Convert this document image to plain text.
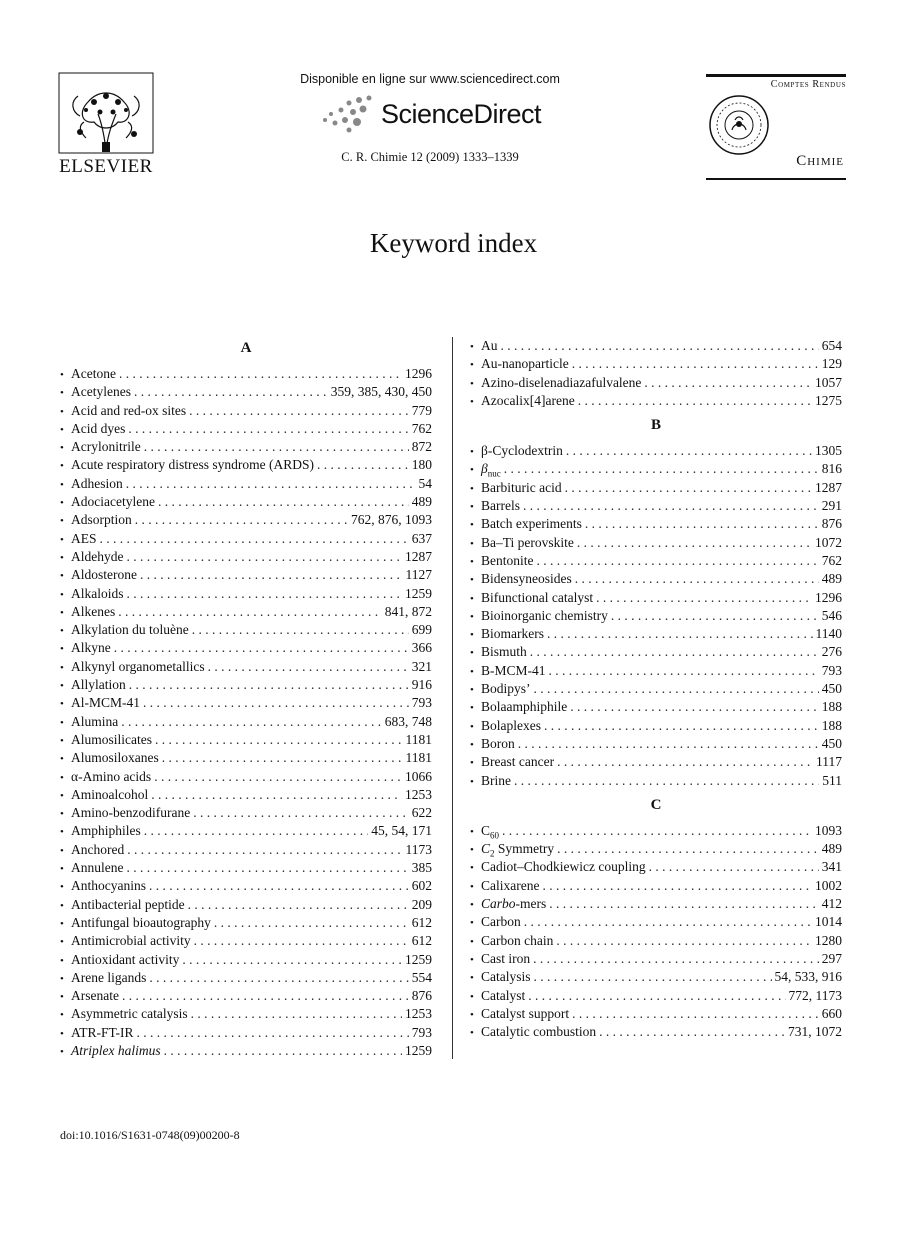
ELSEVIER
Disponible en ligne sur www.sciencedirect.com
ScienceDirect
C. R. Chimie 12 (2009) 1333–1339
Comptes Rendus
Chimie
Keyword index
A
• Acetone . . .	1296
• Acetylenes . . .	359, 385, 430, 450
• Acid and red-ox sites . . .	779
• Acid dyes . . .	762
• Acrylonitrile . . .	872
• Acute respiratory distress syndrome (ARDS) . . .	180
• Adhesion . . .	54
• Adociacetylene . . .	489
• Adsorption . . .	762, 876, 1093
• AES . . .	637
• Aldehyde . . .	1287
• Aldosterone . . .	1127
• Alkaloids . . .	1259
• Alkenes . . .	841, 872
• Alkylation du toluène . . .	699
• Alkyne . . .	366
• Alkynyl organometallics . . .	321
• Allylation . . .	916
• Al-MCM-41 . . .	793
• Alumina . . .	683, 748
• Alumosilicates . . .	1181
• Alumosiloxanes . . .	1181
• α-Amino acids . . .	1066
• Aminoalcohol . . .	1253
• Amino-benzodifurane . . .	622
• Amphiphiles . . .	45, 54, 171
• Anchored . . .	1173
• Annulene . . .	385
• Anthocyanins . . .	602
• Antibacterial peptide . . .	209
• Antifungal bioautography . . .	612
• Antimicrobial activity . . .	612
• Antioxidant activity . . .	1259
• Arene ligands . . .	554
• Arsenate . . .	876
• Asymmetric catalysis . . .	1253
• ATR-FT-IR . . .	793
• Atriplex halimus . . .	1259
• Au . . .	654
• Au-nanoparticle . . .	129
• Azino-diselenadiazafulvalene . . .	1057
• Azocalix[4]arene . . .	1275
B
• β-Cyclodextrin . . .	1305
• $\beta_{nuc}$ . . .	816
• Barbituric acid . . .	1287
• Barrels . . .	291
• Batch experiments . . .	876
• Ba–Ti perovskite . . .	1072
• Bentonite . . .	762
• Bidensyneosides . . .	489
• Bifunctional catalyst . . .	1296
• Bioinorganic chemistry . . .	546
• Biomarkers . . .	1140
• Bismuth . . .	276
• B-MCM-41 . . .	793
• Bodipys’ . . .	450
• Bolaamphiphile . . .	188
• Bolaplexes . . .	188
• Boron . . .	450
• Breast cancer . . .	1117
• Brine . . .	511
C
• $C_{60}$ . . .	1093
• $C_2$ Symmetry . . .	489
• Cadiot–Chodkiewicz coupling . . .	341
• Calixarene . . .	1002
• Carbo-mers . . .	412
• Carbon . . .	1014
• Carbon chain . . .	1280
• Cast iron . . .	297
• Catalysis . . .	54, 533, 916
• Catalyst . . .	772, 1173
• Catalyst support . . .	660
• Catalytic combustion . . .	731, 1072
doi:10.1016/S1631-0748(09)00200-8
